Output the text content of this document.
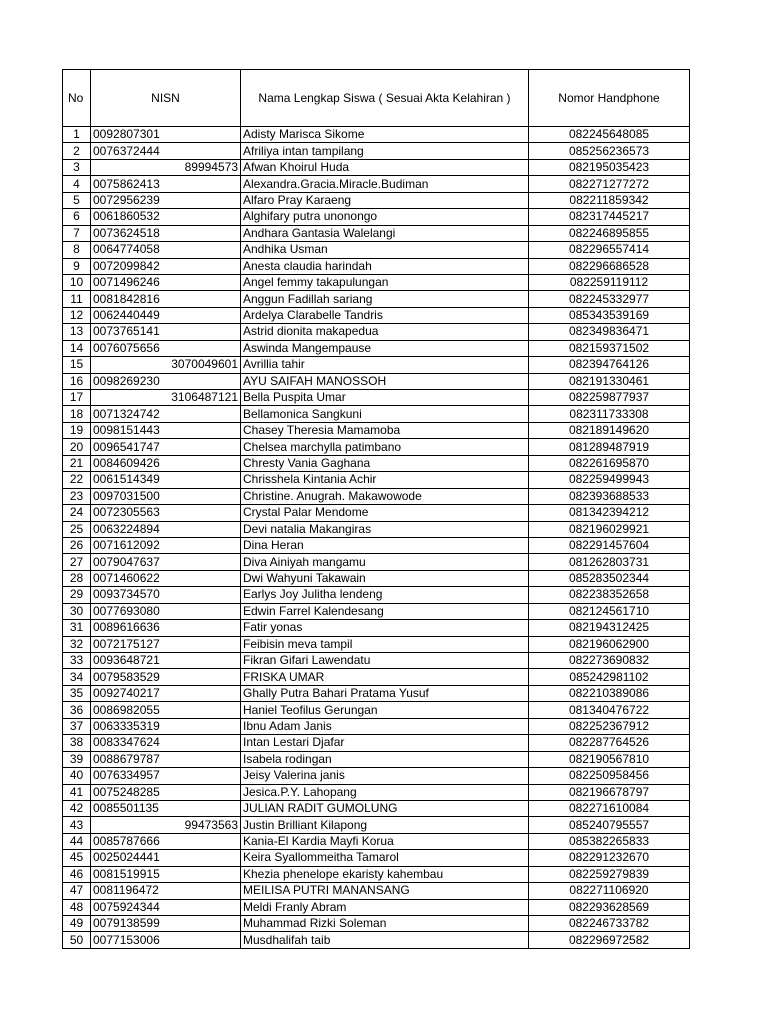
No	NISN	Nama Lengkap Siswa ( Sesuai Akta Kelahiran )	Nomor Handphone
1	0092807301	Adisty Marisca Sikome	082245648085
2	0076372444	Afriliya intan tampilang	085256236573
3	89994573	Afwan Khoirul Huda	082195035423
4	0075862413	Alexandra.Gracia.Miracle.Budiman	082271277272
5	0072956239	Alfaro Pray Karaeng	082211859342
6	0061860532	Alghifary putra unonongo	082317445217
7	0073624518	Andhara Gantasia Walelangi	082246895855
8	0064774058	Andhika Usman	082296557414
9	0072099842	Anesta claudia harindah	082296686528
10	0071496246	Angel femmy takapulungan	082259119112
11	0081842816	Anggun Fadillah sariang	082245332977
12	0062440449	Ardelya Clarabelle Tandris	085343539169
13	0073765141	Astrid dionita makapedua	082349836471
14	0076075656	Aswinda Mangempause	082159371502
15	3070049601	Avrillia tahir	082394764126
16	0098269230	AYU SAIFAH MANOSSOH	082191330461
17	3106487121	Bella Puspita Umar	082259877937
18	0071324742	Bellamonica Sangkuni	082311733308
19	0098151443	Chasey Theresia Mamamoba	082189149620
20	0096541747	Chelsea marchylla patimbano	081289487919
21	0084609426	Chresty Vania Gaghana	082261695870
22	0061514349	Chrisshela Kintania Achir	082259499943
23	0097031500	Christine. Anugrah. Makawowode	082393688533
24	0072305563	Crystal Palar Mendome	081342394212
25	0063224894	Devi natalia Makangiras	082196029921
26	0071612092	Dina Heran	082291457604
27	0079047637	Diva Ainiyah mangamu	081262803731
28	0071460622	Dwi Wahyuni Takawain	085283502344
29	0093734570	Earlys Joy Julitha lendeng	082238352658
30	0077693080	Edwin Farrel Kalendesang	082124561710
31	0089616636	Fatir yonas	082194312425
32	0072175127	Feibisin meva tampil	082196062900
33	0093648721	Fikran Gifari Lawendatu	082273690832
34	0079583529	FRISKA UMAR	085242981102
35	0092740217	Ghally Putra Bahari Pratama Yusuf	082210389086
36	0086982055	Haniel Teofilus Gerungan	081340476722
37	0063335319	Ibnu Adam Janis	082252367912
38	0083347624	Intan Lestari Djafar	082287764526
39	0088679787	Isabela rodingan	082190567810
40	0076334957	Jeisy Valerina janis	082250958456
41	0075248285	Jesica.P.Y. Lahopang	082196678797
42	0085501135	JULIAN RADIT GUMOLUNG	082271610084
43	99473563	Justin Brilliant Kilapong	085240795557
44	0085787666	Kania-El Kardia Mayfi Korua	085382265833
45	0025024441	Keira Syallommeitha Tamarol	082291232670
46	0081519915	Khezia phenelope ekaristy kahembau	082259279839
47	0081196472	MEILISA PUTRI MANANSANG	082271106920
48	0075924344	Meldi Franly Abram	082293628569
49	0079138599	Muhammad Rizki Soleman	082246733782
50	0077153006	Musdhalifah taib	082296972582
